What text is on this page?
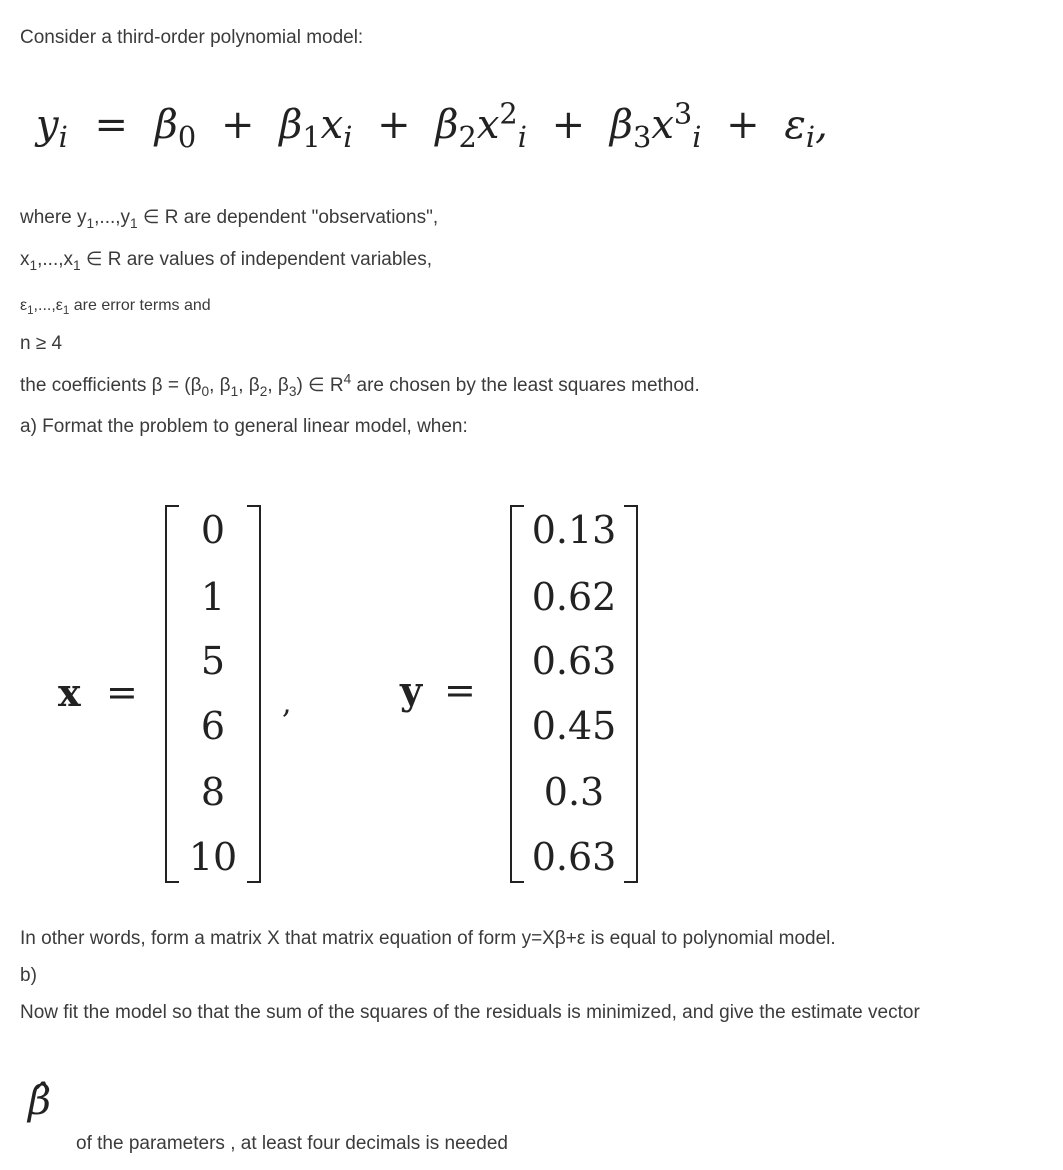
Consider a third-order polynomial model:
$y_i = \beta_0 + \beta_1x_i + \beta_2x^2_i + \beta_3x^3_i + \varepsilon_i$,
where $y_1,...,y_1$ ∈ R are dependent "observations",
$x_1,...,x_1$ ∈ R are values of independent variables,
$\varepsilon_1,...,\varepsilon_1$ are error terms and
n ≥ 4
the coefficients $\beta = (\beta_0$, $\beta_1$, $\beta_2$, $\beta_3$) ∈ $R^4$ are chosen by the least squares method.
a) Format the problem to general linear model, when:
x =
0
1
5
6
8
10
,	y =
0.13
0.62
0.63
0.45
0.3
0.63
In other words, form a matrix X that matrix equation of form y=Xβ+ε is equal to polynomial model.
b)
Now fit the model so that the sum of the squares of the residuals is minimized, and give the estimate vector
β̂
of the parameters , at least four decimals is needed
